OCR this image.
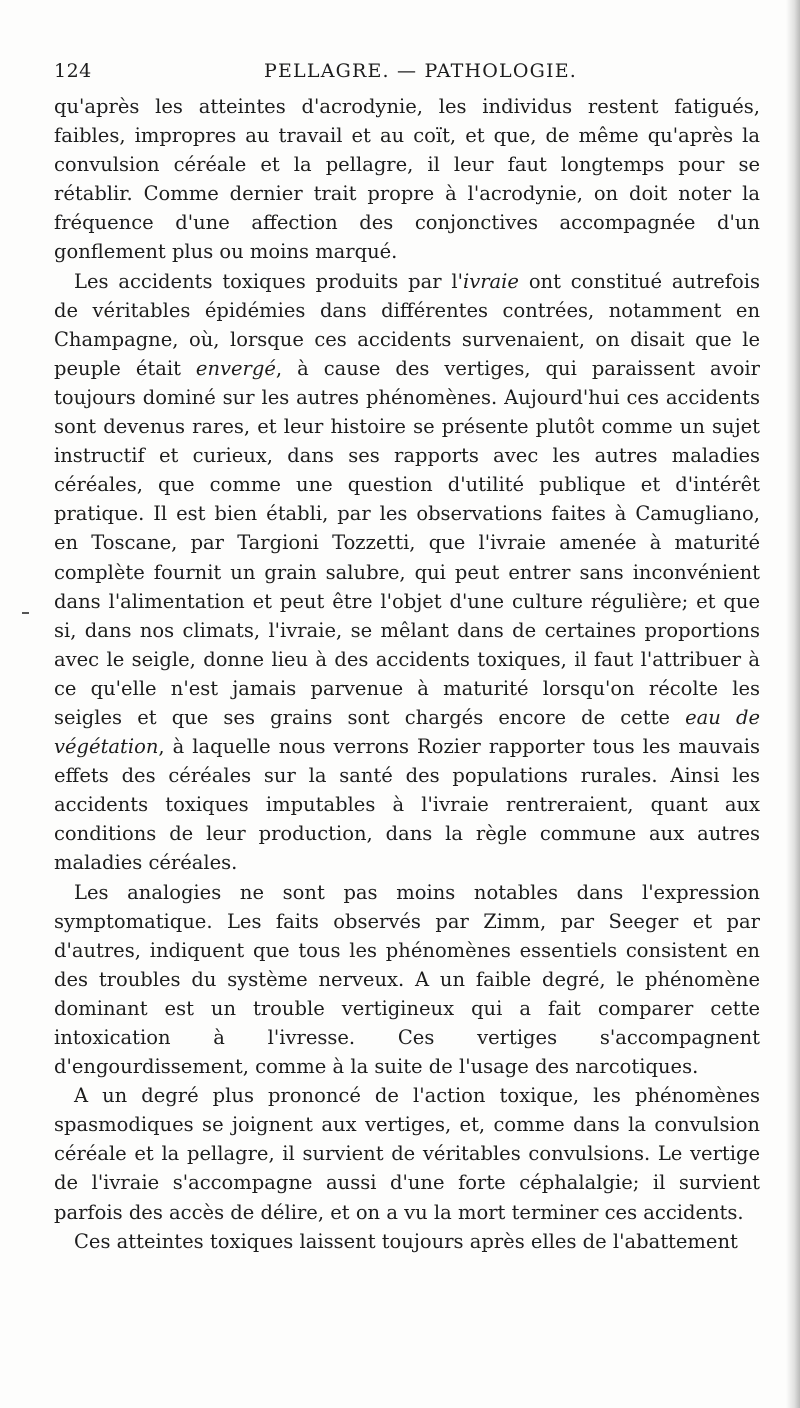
124	PELLAGRE. — PATHOLOGIE.

qu'après les atteintes d'acrodynie, les individus restent fatigués, faibles, impropres au travail et au coït, et que, de même qu'après la convulsion céréale et la pellagre, il leur faut longtemps pour se rétablir. Comme dernier trait propre à l'acrodynie, on doit noter la fréquence d'une affection des conjonctives accompagnée d'un gonflement plus ou moins marqué.

Les accidents toxiques produits par l'ivraie ont constitué autrefois de véritables épidémies dans différentes contrées, notamment en Champagne, où, lorsque ces accidents survenaient, on disait que le peuple était envergé, à cause des vertiges, qui paraissent avoir toujours dominé sur les autres phénomènes. Aujourd'hui ces accidents sont devenus rares, et leur histoire se présente plutôt comme un sujet instructif et curieux, dans ses rapports avec les autres maladies céréales, que comme une question d'utilité publique et d'intérêt pratique. Il est bien établi, par les observations faites à Camugliano, en Toscane, par Targioni Tozzetti, que l'ivraie amenée à maturité complète fournit un grain salubre, qui peut entrer sans inconvénient dans l'alimentation et peut être l'objet d'une culture régulière; et que si, dans nos climats, l'ivraie, se mêlant dans de certaines proportions avec le seigle, donne lieu à des accidents toxiques, il faut l'attribuer à ce qu'elle n'est jamais parvenue à maturité lorsqu'on récolte les seigles et que ses grains sont chargés encore de cette eau de végétation, à laquelle nous verrons Rozier rapporter tous les mauvais effets des céréales sur la santé des populations rurales. Ainsi les accidents toxiques imputables à l'ivraie rentreraient, quant aux conditions de leur production, dans la règle commune aux autres maladies céréales.

Les analogies ne sont pas moins notables dans l'expression symptomatique. Les faits observés par Zimm, par Seeger et par d'autres, indiquent que tous les phénomènes essentiels consistent en des troubles du système nerveux. A un faible degré, le phénomène dominant est un trouble vertigineux qui a fait comparer cette intoxication à l'ivresse. Ces vertiges s'accompagnent d'engourdissement, comme à la suite de l'usage des narcotiques.

A un degré plus prononcé de l'action toxique, les phénomènes spasmodiques se joignent aux vertiges, et, comme dans la convulsion céréale et la pellagre, il survient de véritables convulsions. Le vertige de l'ivraie s'accompagne aussi d'une forte céphalalgie; il survient parfois des accès de délire, et on a vu la mort terminer ces accidents.

Ces atteintes toxiques laissent toujours après elles de l'abattement
